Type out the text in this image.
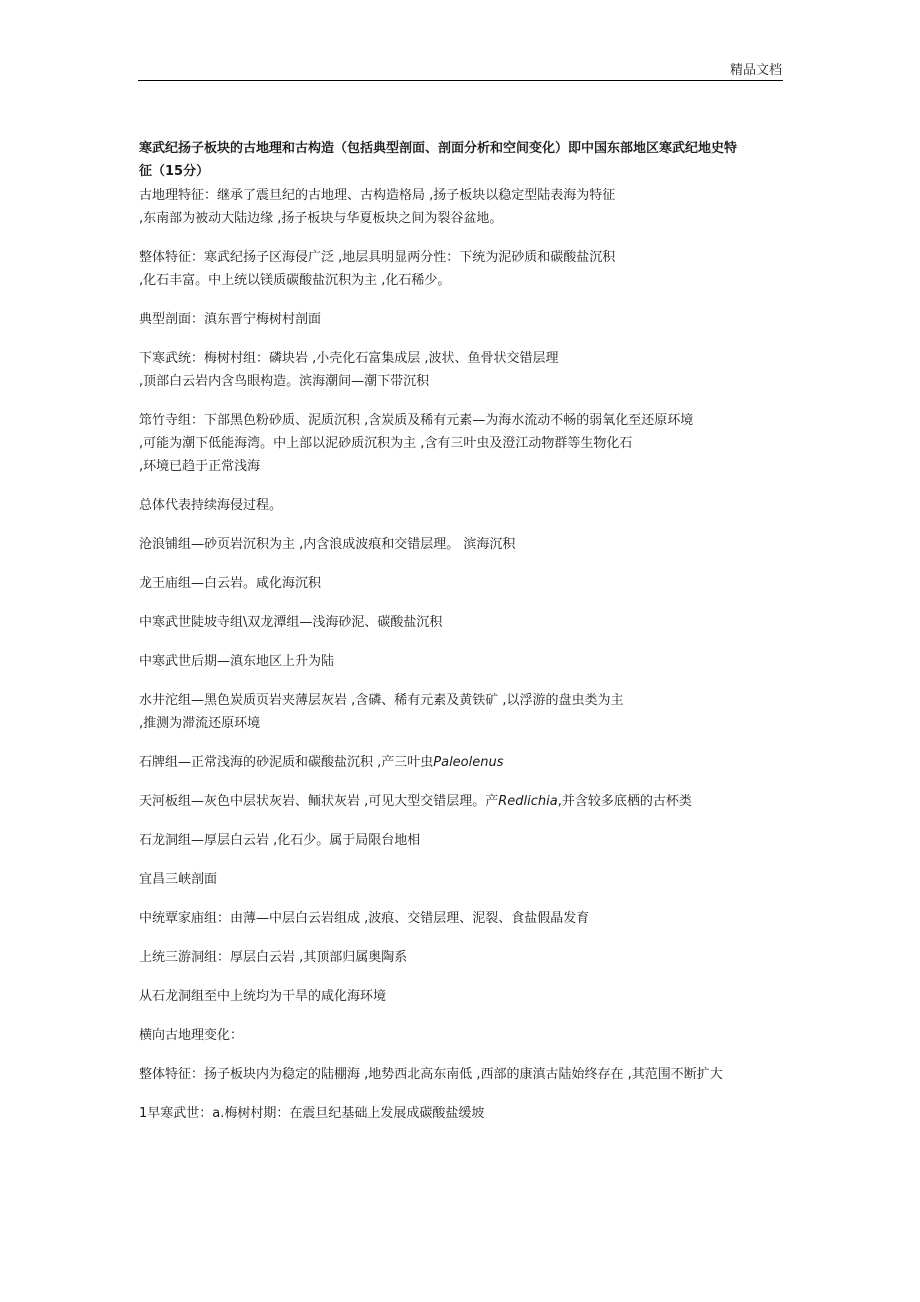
精品文档
寒武纪扬子板块的古地理和古构造（包括典型剖面、剖面分析和空间变化）即中国东部地区寒武纪地史特
征（15分）
古地理特征：继承了震旦纪的古地理、古构造格局 ,扬子板块以稳定型陆表海为特征
,东南部为被动大陆边缘 ,扬子板块与华夏板块之间为裂谷盆地。
整体特征：寒武纪扬子区海侵广泛 ,地层具明显两分性：下统为泥砂质和碳酸盐沉积
,化石丰富。中上统以镁质碳酸盐沉积为主 ,化石稀少。
典型剖面：滇东晋宁梅树村剖面
下寒武统：梅树村组：磷块岩 ,小壳化石富集成层 ,波状、鱼骨状交错层理
,顶部白云岩内含鸟眼构造。滨海潮间—潮下带沉积
筇竹寺组：下部黑色粉砂质、泥质沉积 ,含炭质及稀有元素—为海水流动不畅的弱氧化至还原环境
,可能为潮下低能海湾。中上部以泥砂质沉积为主 ,含有三叶虫及澄江动物群等生物化石
,环境已趋于正常浅海
总体代表持续海侵过程。
沧浪铺组—砂页岩沉积为主 ,内含浪成波痕和交错层理。 滨海沉积
龙王庙组—白云岩。咸化海沉积
中寒武世陡坡寺组\双龙潭组—浅海砂泥、碳酸盐沉积
中寒武世后期—滇东地区上升为陆
水井沱组—黑色炭质页岩夹薄层灰岩 ,含磷、稀有元素及黄铁矿 ,以浮游的盘虫类为主
,推测为滞流还原环境
石牌组—正常浅海的砂泥质和碳酸盐沉积 ,产三叶虫Paleolenus
天河板组—灰色中层状灰岩、鲕状灰岩 ,可见大型交错层理。产Redlichia,并含较多底栖的古杯类
石龙洞组—厚层白云岩 ,化石少。属于局限台地相
宜昌三峡剖面
中统覃家庙组：由薄—中层白云岩组成 ,波痕、交错层理、泥裂、食盐假晶发育
上统三游洞组：厚层白云岩 ,其顶部归属奥陶系
从石龙洞组至中上统均为干旱的咸化海环境
横向古地理变化：
整体特征：扬子板块内为稳定的陆棚海 ,地势西北高东南低 ,西部的康滇古陆始终存在 ,其范围不断扩大
1早寒武世：a.梅树村期：在震旦纪基础上发展成碳酸盐缓坡
